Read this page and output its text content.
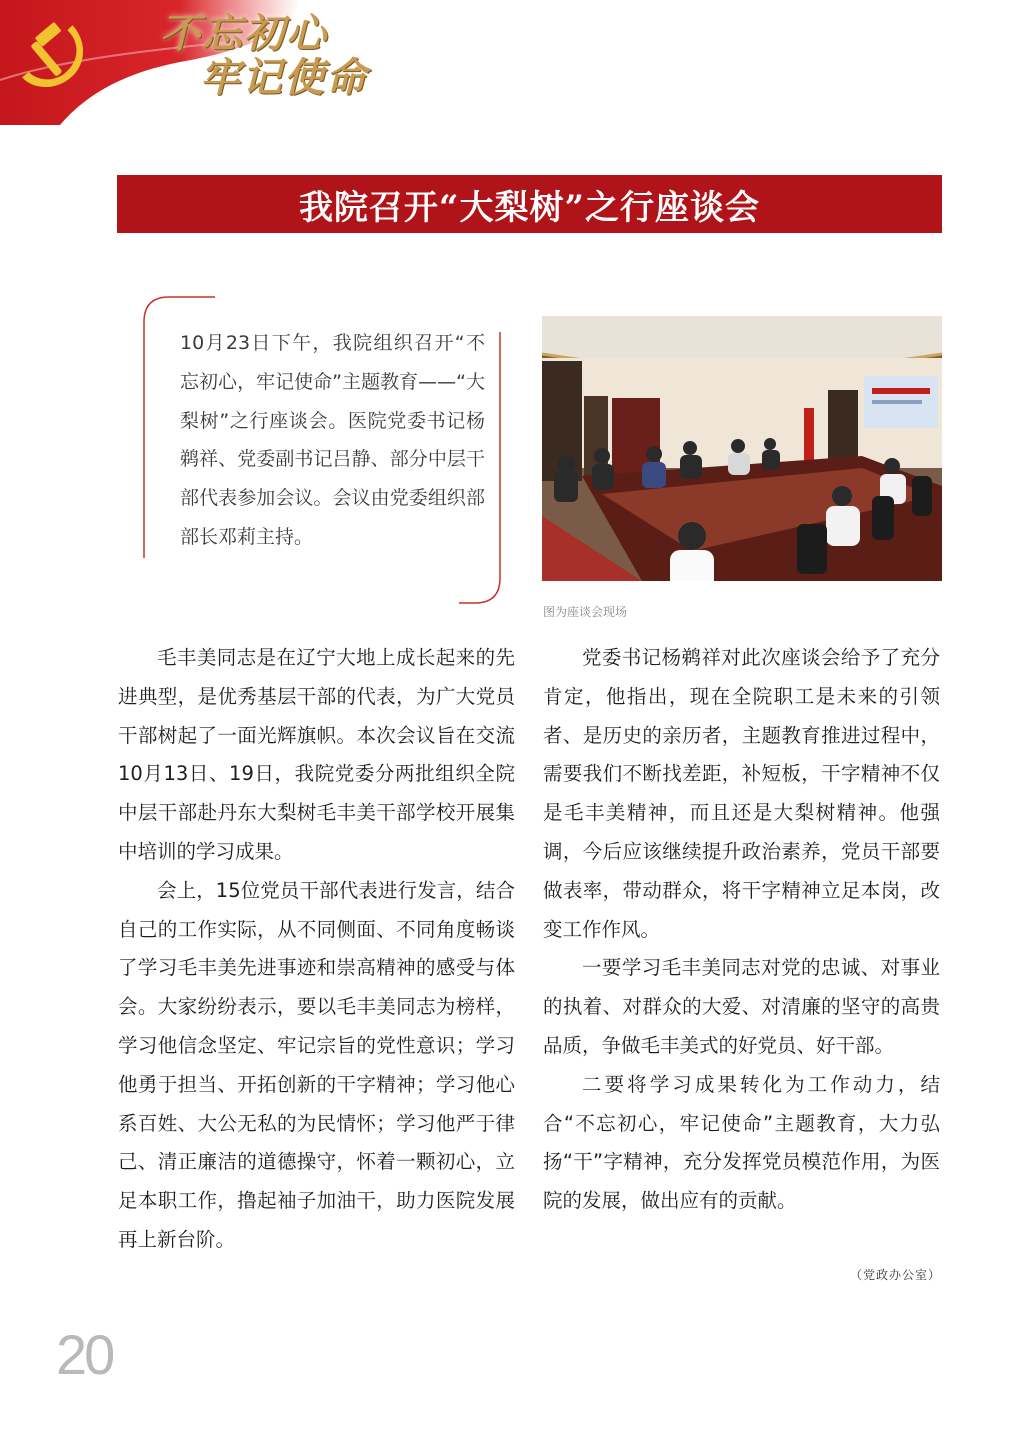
不忘初心
牢记使命
我院召开“大梨树”之行座谈会
10月23日下午，我院组织召开“不忘初心，牢记使命”主题教育——“大梨树”之行座谈会。医院党委书记杨鹈祥、党委副书记吕静、部分中层干部代表参加会议。会议由党委组织部部长邓莉主持。
图为座谈会现场

毛丰美同志是在辽宁大地上成长起来的先进典型，是优秀基层干部的代表，为广大党员干部树起了一面光辉旗帜。本次会议旨在交流10月13日、19日，我院党委分两批组织全院中层干部赴丹东大梨树毛丰美干部学校开展集中培训的学习成果。

会上，15位党员干部代表进行发言，结合自己的工作实际，从不同侧面、不同角度畅谈了学习毛丰美先进事迹和崇高精神的感受与体会。大家纷纷表示，要以毛丰美同志为榜样，学习他信念坚定、牢记宗旨的党性意识；学习他勇于担当、开拓创新的干字精神；学习他心系百姓、大公无私的为民情怀；学习他严于律己、清正廉洁的道德操守，怀着一颗初心，立足本职工作，撸起袖子加油干，助力医院发展再上新台阶。

党委书记杨鹈祥对此次座谈会给予了充分肯定，他指出，现在全院职工是未来的引领者、是历史的亲历者，主题教育推进过程中，需要我们不断找差距，补短板，干字精神不仅是毛丰美精神，而且还是大梨树精神。他强调，今后应该继续提升政治素养，党员干部要做表率，带动群众，将干字精神立足本岗，改变工作作风。

一要学习毛丰美同志对党的忠诚、对事业的执着、对群众的大爱、对清廉的坚守的高贵品质，争做毛丰美式的好党员、好干部。

二要将学习成果转化为工作动力，结合“不忘初心，牢记使命”主题教育，大力弘扬“干”字精神，充分发挥党员模范作用，为医院的发展，做出应有的贡献。

（党政办公室）
20
